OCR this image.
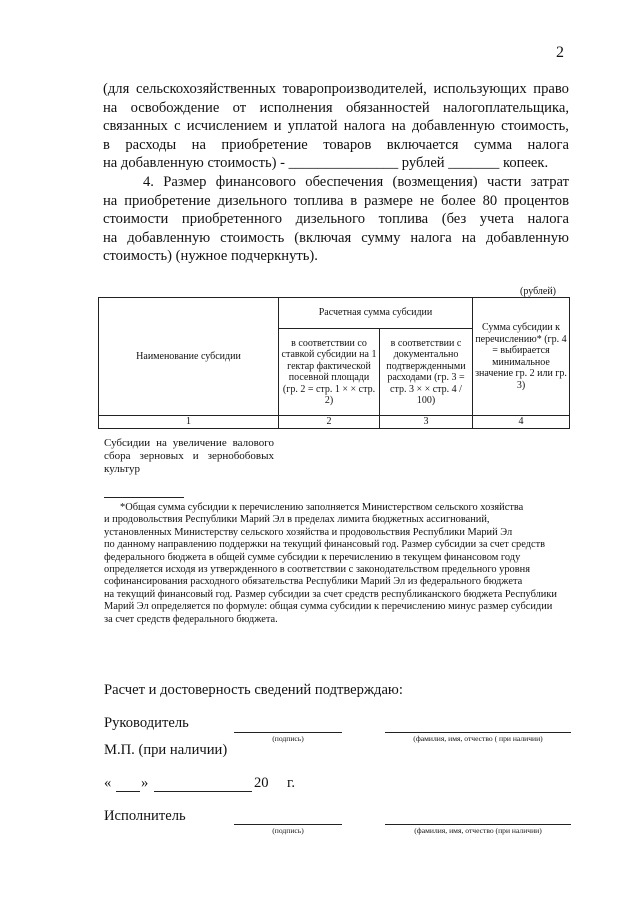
2
(для сельскохозяйственных товаропроизводителей, использующих право
на освобождение от исполнения обязанностей налогоплательщика,
связанных с исчислением и уплатой налога на добавленную стоимость,
в расходы на приобретение товаров включается сумма налога
на добавленную стоимость) - _______________ рублей _______ копеек.
4. Размер финансового обеспечения (возмещения) части затрат
на приобретение дизельного топлива в размере не более 80 процентов
стоимости приобретенного дизельного топлива (без учета налога
на добавленную стоимость (включая сумму налога на добавленную
стоимость) (нужное подчеркнуть).
(рублей)
Наименование субсидии	Расчетная сумма субсидии		Сумма субсидии к перечислению* (гр. 4 = выбирается минимальное значение гр. 2 или гр. 3)
	в соответствии со ставкой субсидии на 1 гектар фактической посевной площади (гр. 2 = стр. 1 × × стр. 2)	в соответствии с документально подтвержденными расходами (гр. 3 = стр. 3 × × стр. 4 / 100)	
1	2	3	4
Субсидии на увеличение валового сбора зерновых и зернобобовых культур
*Общая сумма субсидии к перечислению заполняется Министерством сельского хозяйства
и продовольствия Республики Марий Эл в пределах лимита бюджетных ассигнований,
установленных Министерству сельского хозяйства и продовольствия Республики Марий Эл
по данному направлению поддержки на текущий финансовый год. Размер субсидии за счет средств
федерального бюджета в общей сумме субсидии к перечислению в текущем финансовом году
определяется исходя из утвержденного в соответствии с законодательством предельного уровня
софинансирования расходного обязательства Республики Марий Эл из федерального бюджета
на текущий финансовый год. Размер субсидии за счет средств республиканского бюджета Республики
Марий Эл определяется по формуле: общая сумма субсидии к перечислению минус размер субсидии
за счет средств федерального бюджета.
Расчет и достоверность сведений подтверждаю:
Руководитель
(подпись)	(фамилия, имя, отчество ( при наличии)
М.П. (при наличии)
« »	20 г.
Исполнитель
(подпись)	(фамилия, имя, отчество (при наличии)
